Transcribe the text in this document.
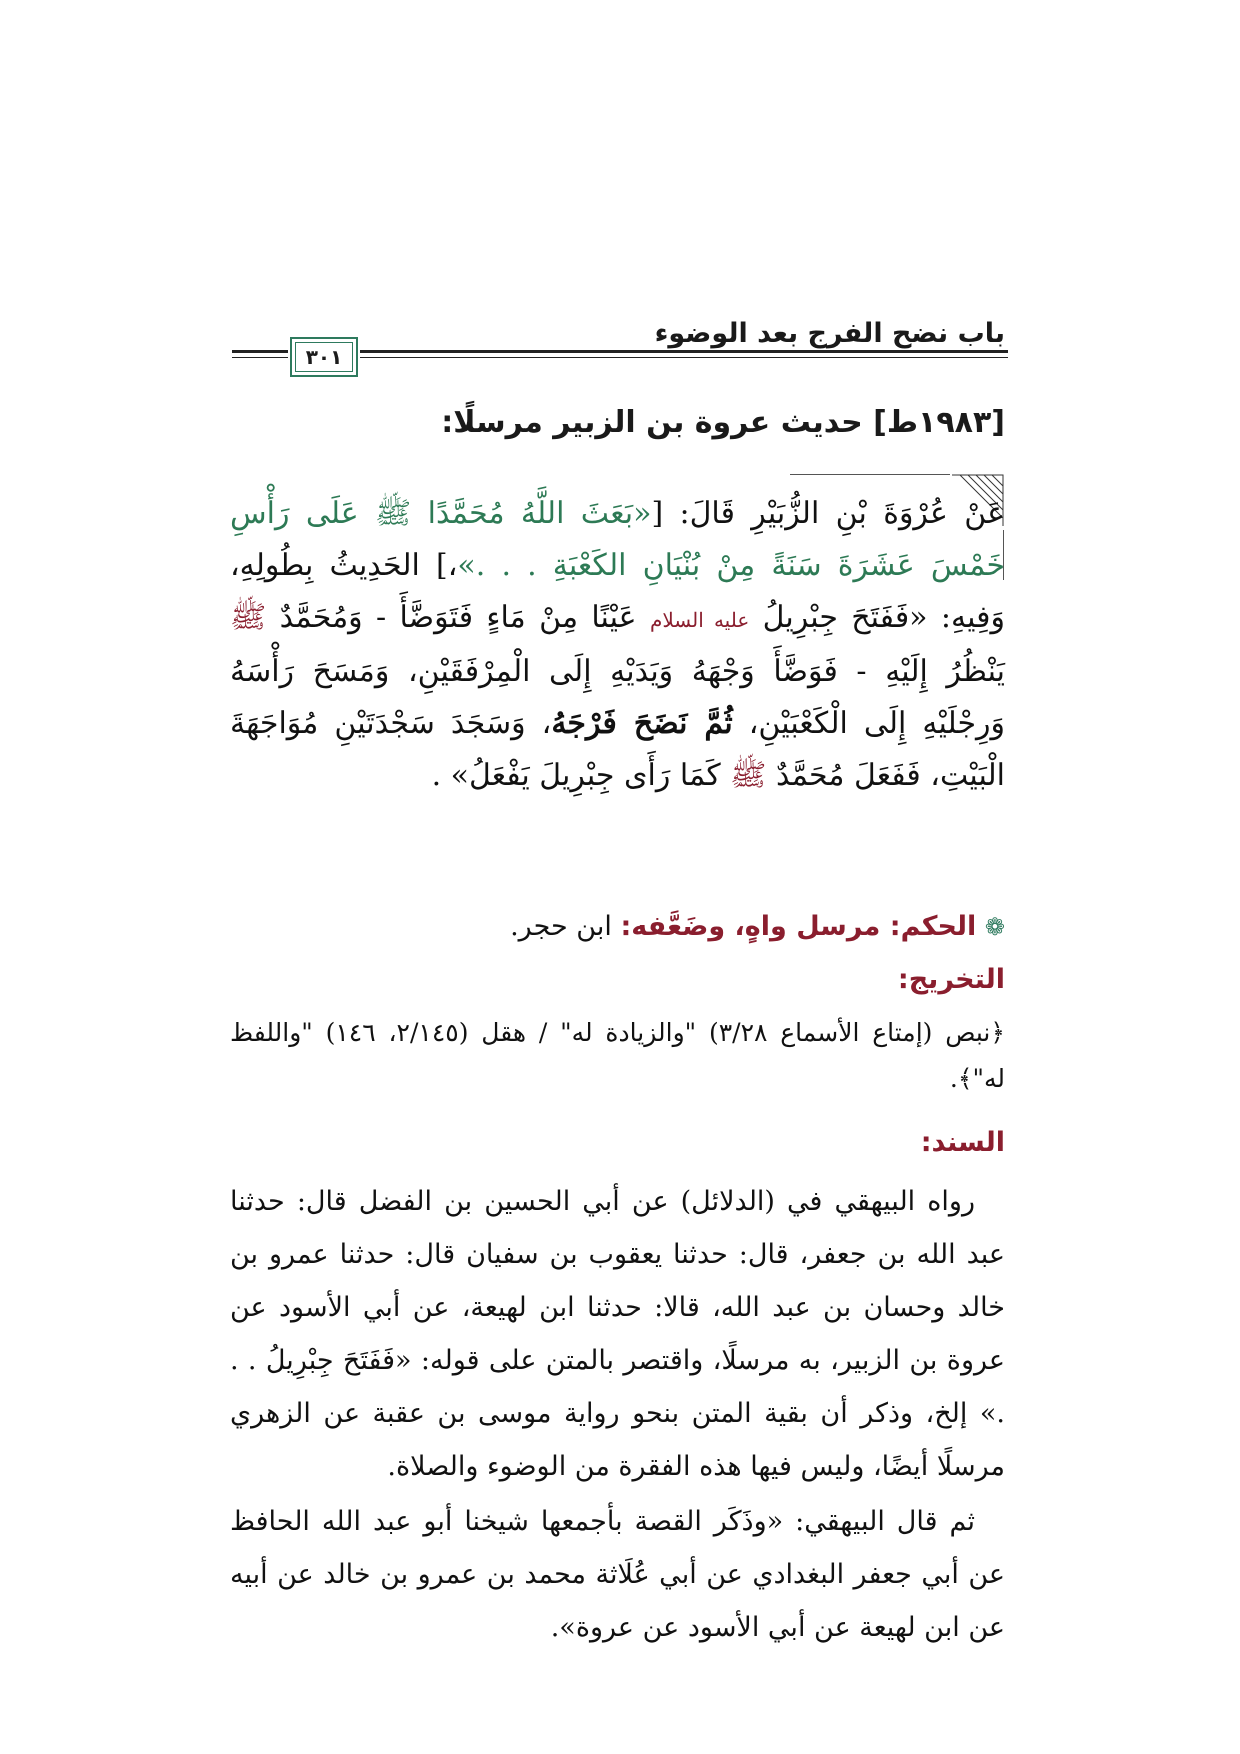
باب نضح الفرج بعد الوضوء
٣٠١
[١٩٨٣ط] حديث عروة بن الزبير مرسلًا:
عَنْ عُرْوَةَ بْنِ الزُّبَيْرِ قَالَ: [«بَعَثَ اللَّهُ مُحَمَّدًا ﷺ عَلَى رَأْسِ خَمْسَ عَشَرَةَ سَنَةً مِنْ بُنْيَانِ الكَعْبَةِ . . .»،] الحَدِيثُ بِطُولِهِ، وَفِيهِ: «فَفَتَحَ جِبْرِيلُ عليه السلام عَيْنًا مِنْ مَاءٍ فَتَوَضَّأَ - وَمُحَمَّدٌ ﷺ يَنْظُرُ إِلَيْهِ - فَوَضَّأَ وَجْهَهُ وَيَدَيْهِ إِلَى الْمِرْفَقَيْنِ، وَمَسَحَ رَأْسَهُ وَرِجْلَيْهِ إِلَى الْكَعْبَيْنِ، ثُمَّ نَضَحَ فَرْجَهُ، وَسَجَدَ سَجْدَتَيْنِ مُوَاجَهَةَ الْبَيْتِ، فَفَعَلَ مُحَمَّدٌ ﷺ كَمَا رَأَى جِبْرِيلَ يَفْعَلُ» .
❁ الحكم: مرسل واهٍ، وضَعَّفه: ابن حجر.
التخريج:
﴿نبص (إمتاع الأسماع ٣/٢٨) "والزيادة له" / هقل (٢/١٤٥، ١٤٦) "واللفظ له"﴾.
السند:
رواه البيهقي في (الدلائل) عن أبي الحسين بن الفضل قال: حدثنا عبد الله بن جعفر، قال: حدثنا يعقوب بن سفيان قال: حدثنا عمرو بن خالد وحسان بن عبد الله، قالا: حدثنا ابن لهيعة، عن أبي الأسود عن عروة بن الزبير، به مرسلًا، واقتصر بالمتن على قوله: «فَفَتَحَ جِبْرِيلُ . . .» إلخ، وذكر أن بقية المتن بنحو رواية موسى بن عقبة عن الزهري مرسلًا أيضًا، وليس فيها هذه الفقرة من الوضوء والصلاة.
ثم قال البيهقي: «وذَكَر القصة بأجمعها شيخنا أبو عبد الله الحافظ عن أبي جعفر البغدادي عن أبي عُلَاثة محمد بن عمرو بن خالد عن أبيه عن ابن لهيعة عن أبي الأسود عن عروة».
